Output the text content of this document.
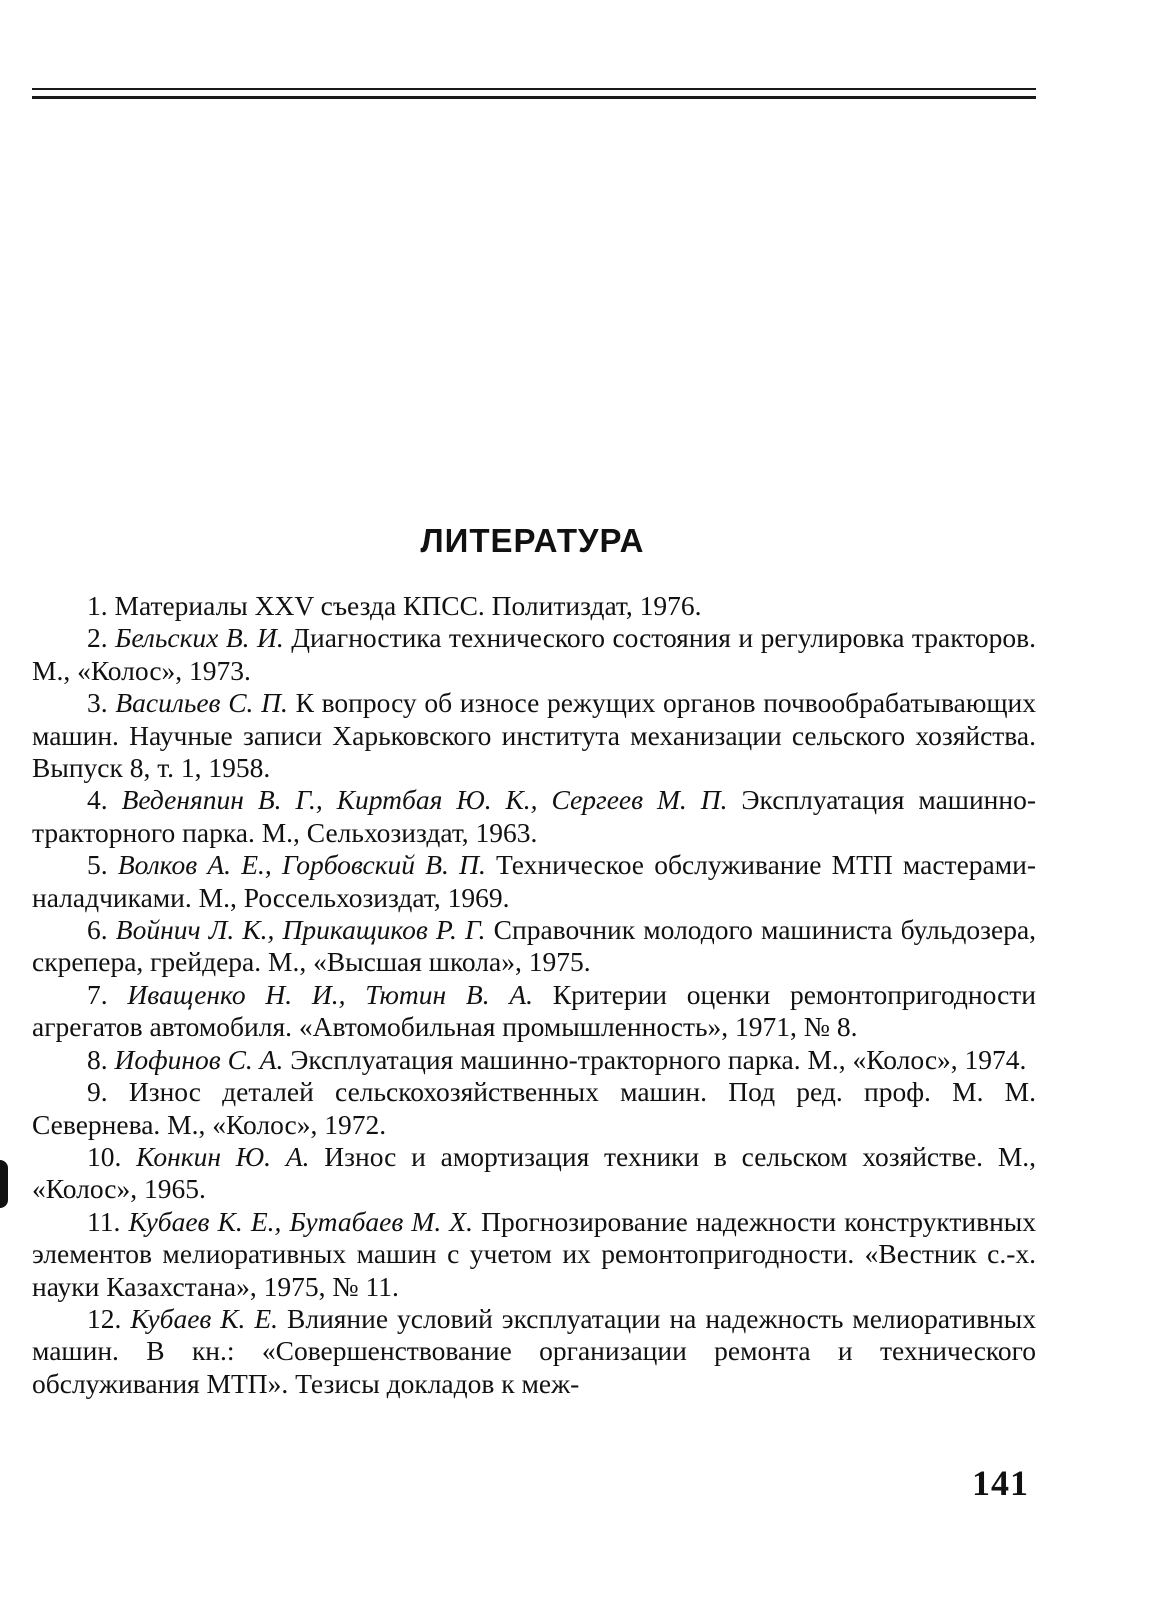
ЛИТЕРАТУРА

1. Материалы XXV съезда КПСС. Политиздат, 1976.

2. Бельских В. И. Диагностика технического состояния и регулировка тракторов. М., «Колос», 1973.

3. Васильев С. П. К вопросу об износе режущих органов почвообрабатывающих машин. Научные записи Харьковского института механизации сельского хозяйства. Выпуск 8, т. 1, 1958.

4. Веденяпин В. Г., Киртбая Ю. К., Сергеев М. П. Эксплуатация машинно-тракторного парка. М., Сельхозиздат, 1963.

5. Волков А. Е., Горбовский В. П. Техническое обслуживание МТП мастерами-наладчиками. М., Россельхозиздат, 1969.

6. Войнич Л. К., Прикащиков Р. Г. Справочник молодого машиниста бульдозера, скрепера, грейдера. М., «Высшая школа», 1975.

7. Иващенко Н. И., Тютин В. А. Критерии оценки ремонтопригодности агрегатов автомобиля. «Автомобильная промышленность», 1971, № 8.

8. Иофинов С. А. Эксплуатация машинно-тракторного парка. М., «Колос», 1974.

9. Износ деталей сельскохозяйственных машин. Под ред. проф. М. М. Севернева. М., «Колос», 1972.

10. Конкин Ю. А. Износ и амортизация техники в сельском хозяйстве. М., «Колос», 1965.

11. Кубаев К. Е., Бутабаев М. Х. Прогнозирование надежности конструктивных элементов мелиоративных машин с учетом их ремонтопригодности. «Вестник с.-х. науки Казахстана», 1975, № 11.

12. Кубаев К. Е. Влияние условий эксплуатации на надежность мелиоративных машин. В кн.: «Совершенствование организации ремонта и технического обслуживания МТП». Тезисы докладов к меж-

141
